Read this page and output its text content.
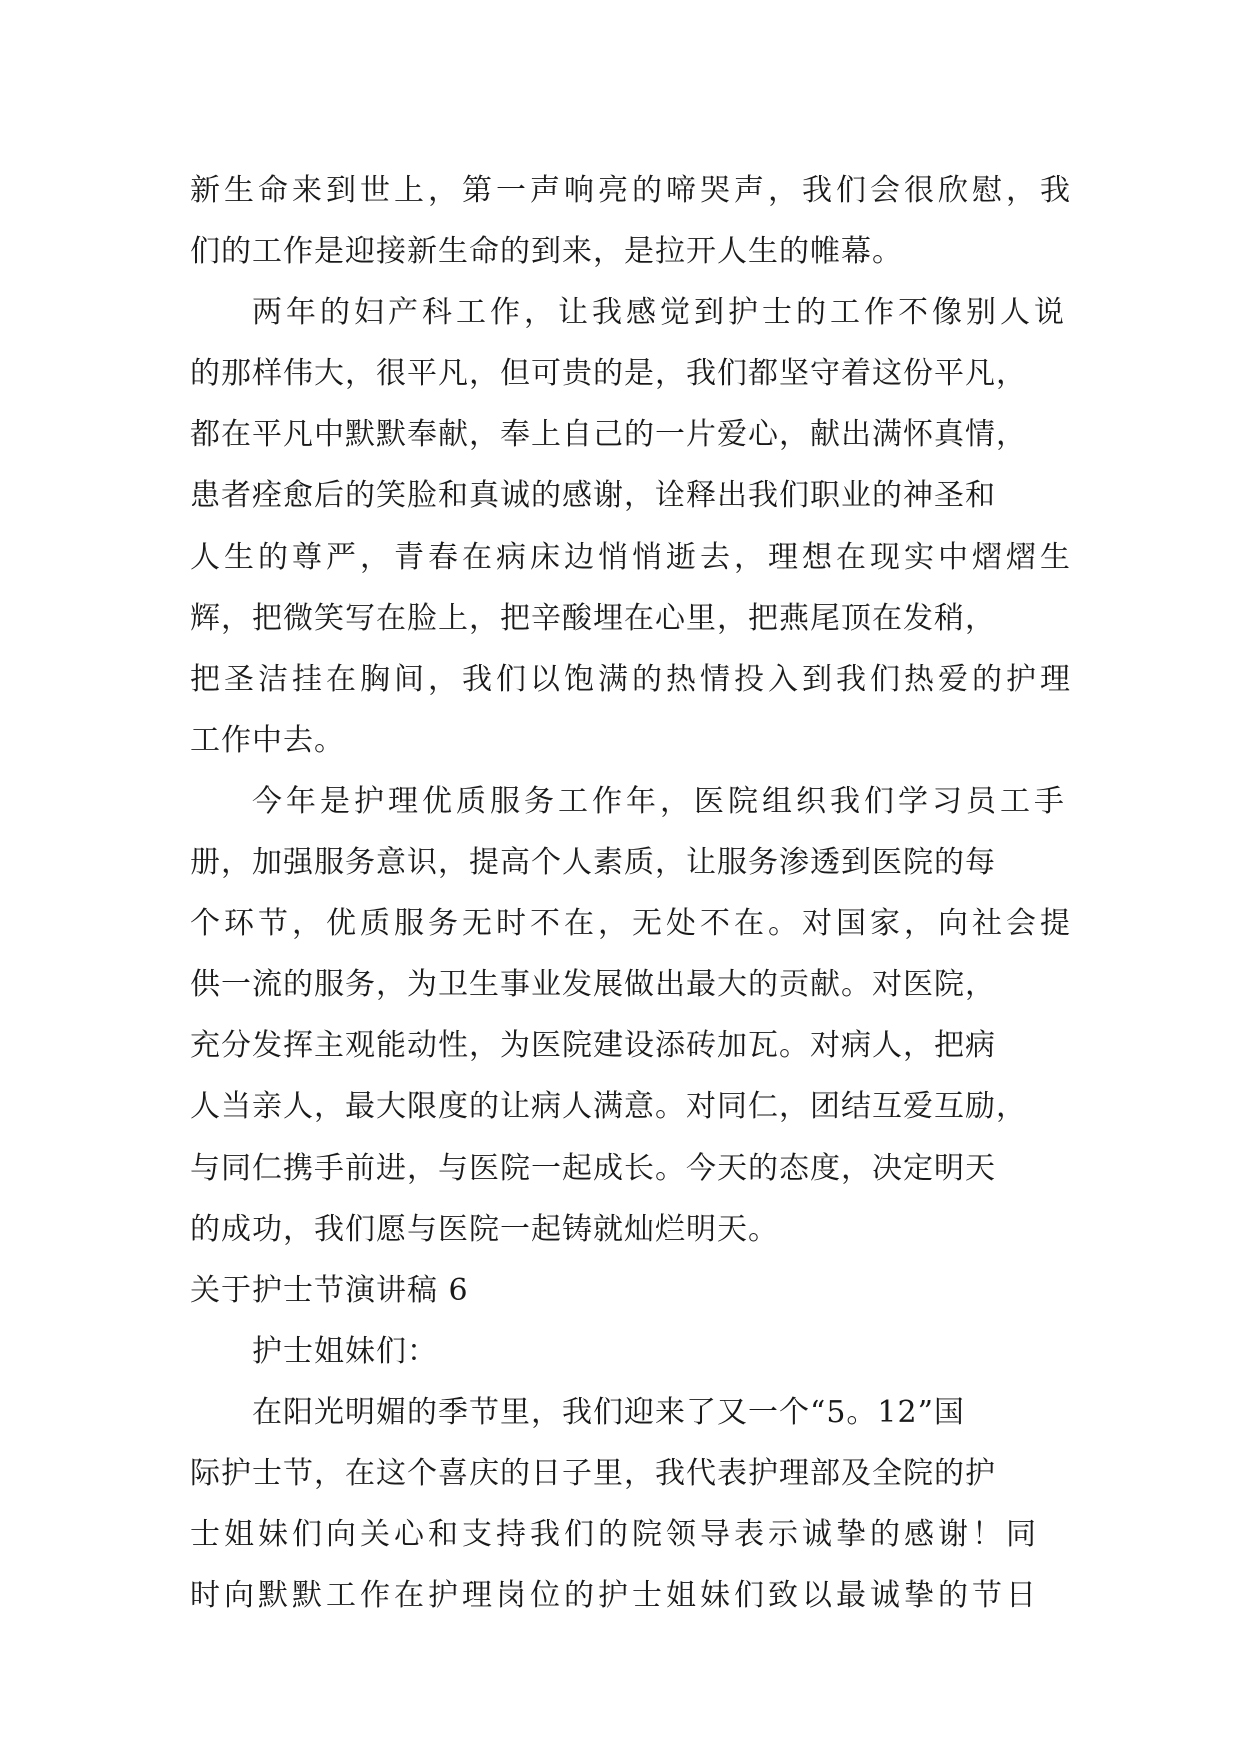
新生命来到世上，第一声响亮的啼哭声，我们会很欣慰，我
们的工作是迎接新生命的到来，是拉开人生的帷幕。
两年的妇产科工作，让我感觉到护士的工作不像别人说
的那样伟大，很平凡，但可贵的是，我们都坚守着这份平凡，
都在平凡中默默奉献，奉上自己的一片爱心，献出满怀真情，
患者痊愈后的笑脸和真诚的感谢，诠释出我们职业的神圣和
人生的尊严，青春在病床边悄悄逝去，理想在现实中熠熠生
辉，把微笑写在脸上，把辛酸埋在心里，把燕尾顶在发稍，
把圣洁挂在胸间，我们以饱满的热情投入到我们热爱的护理
工作中去。
今年是护理优质服务工作年，医院组织我们学习员工手
册，加强服务意识，提高个人素质，让服务渗透到医院的每
个环节，优质服务无时不在，无处不在。对国家，向社会提
供一流的服务，为卫生事业发展做出最大的贡献。对医院，
充分发挥主观能动性，为医院建设添砖加瓦。对病人，把病
人当亲人，最大限度的让病人满意。对同仁，团结互爱互励，
与同仁携手前进，与医院一起成长。今天的态度，决定明天
的成功，我们愿与医院一起铸就灿烂明天。
关于护士节演讲稿 6
护士姐妹们：
在阳光明媚的季节里，我们迎来了又一个“5。12”国
际护士节，在这个喜庆的日子里，我代表护理部及全院的护
士姐妹们向关心和支持我们的院领导表示诚挚的感谢！同
时向默默工作在护理岗位的护士姐妹们致以最诚挚的节日
